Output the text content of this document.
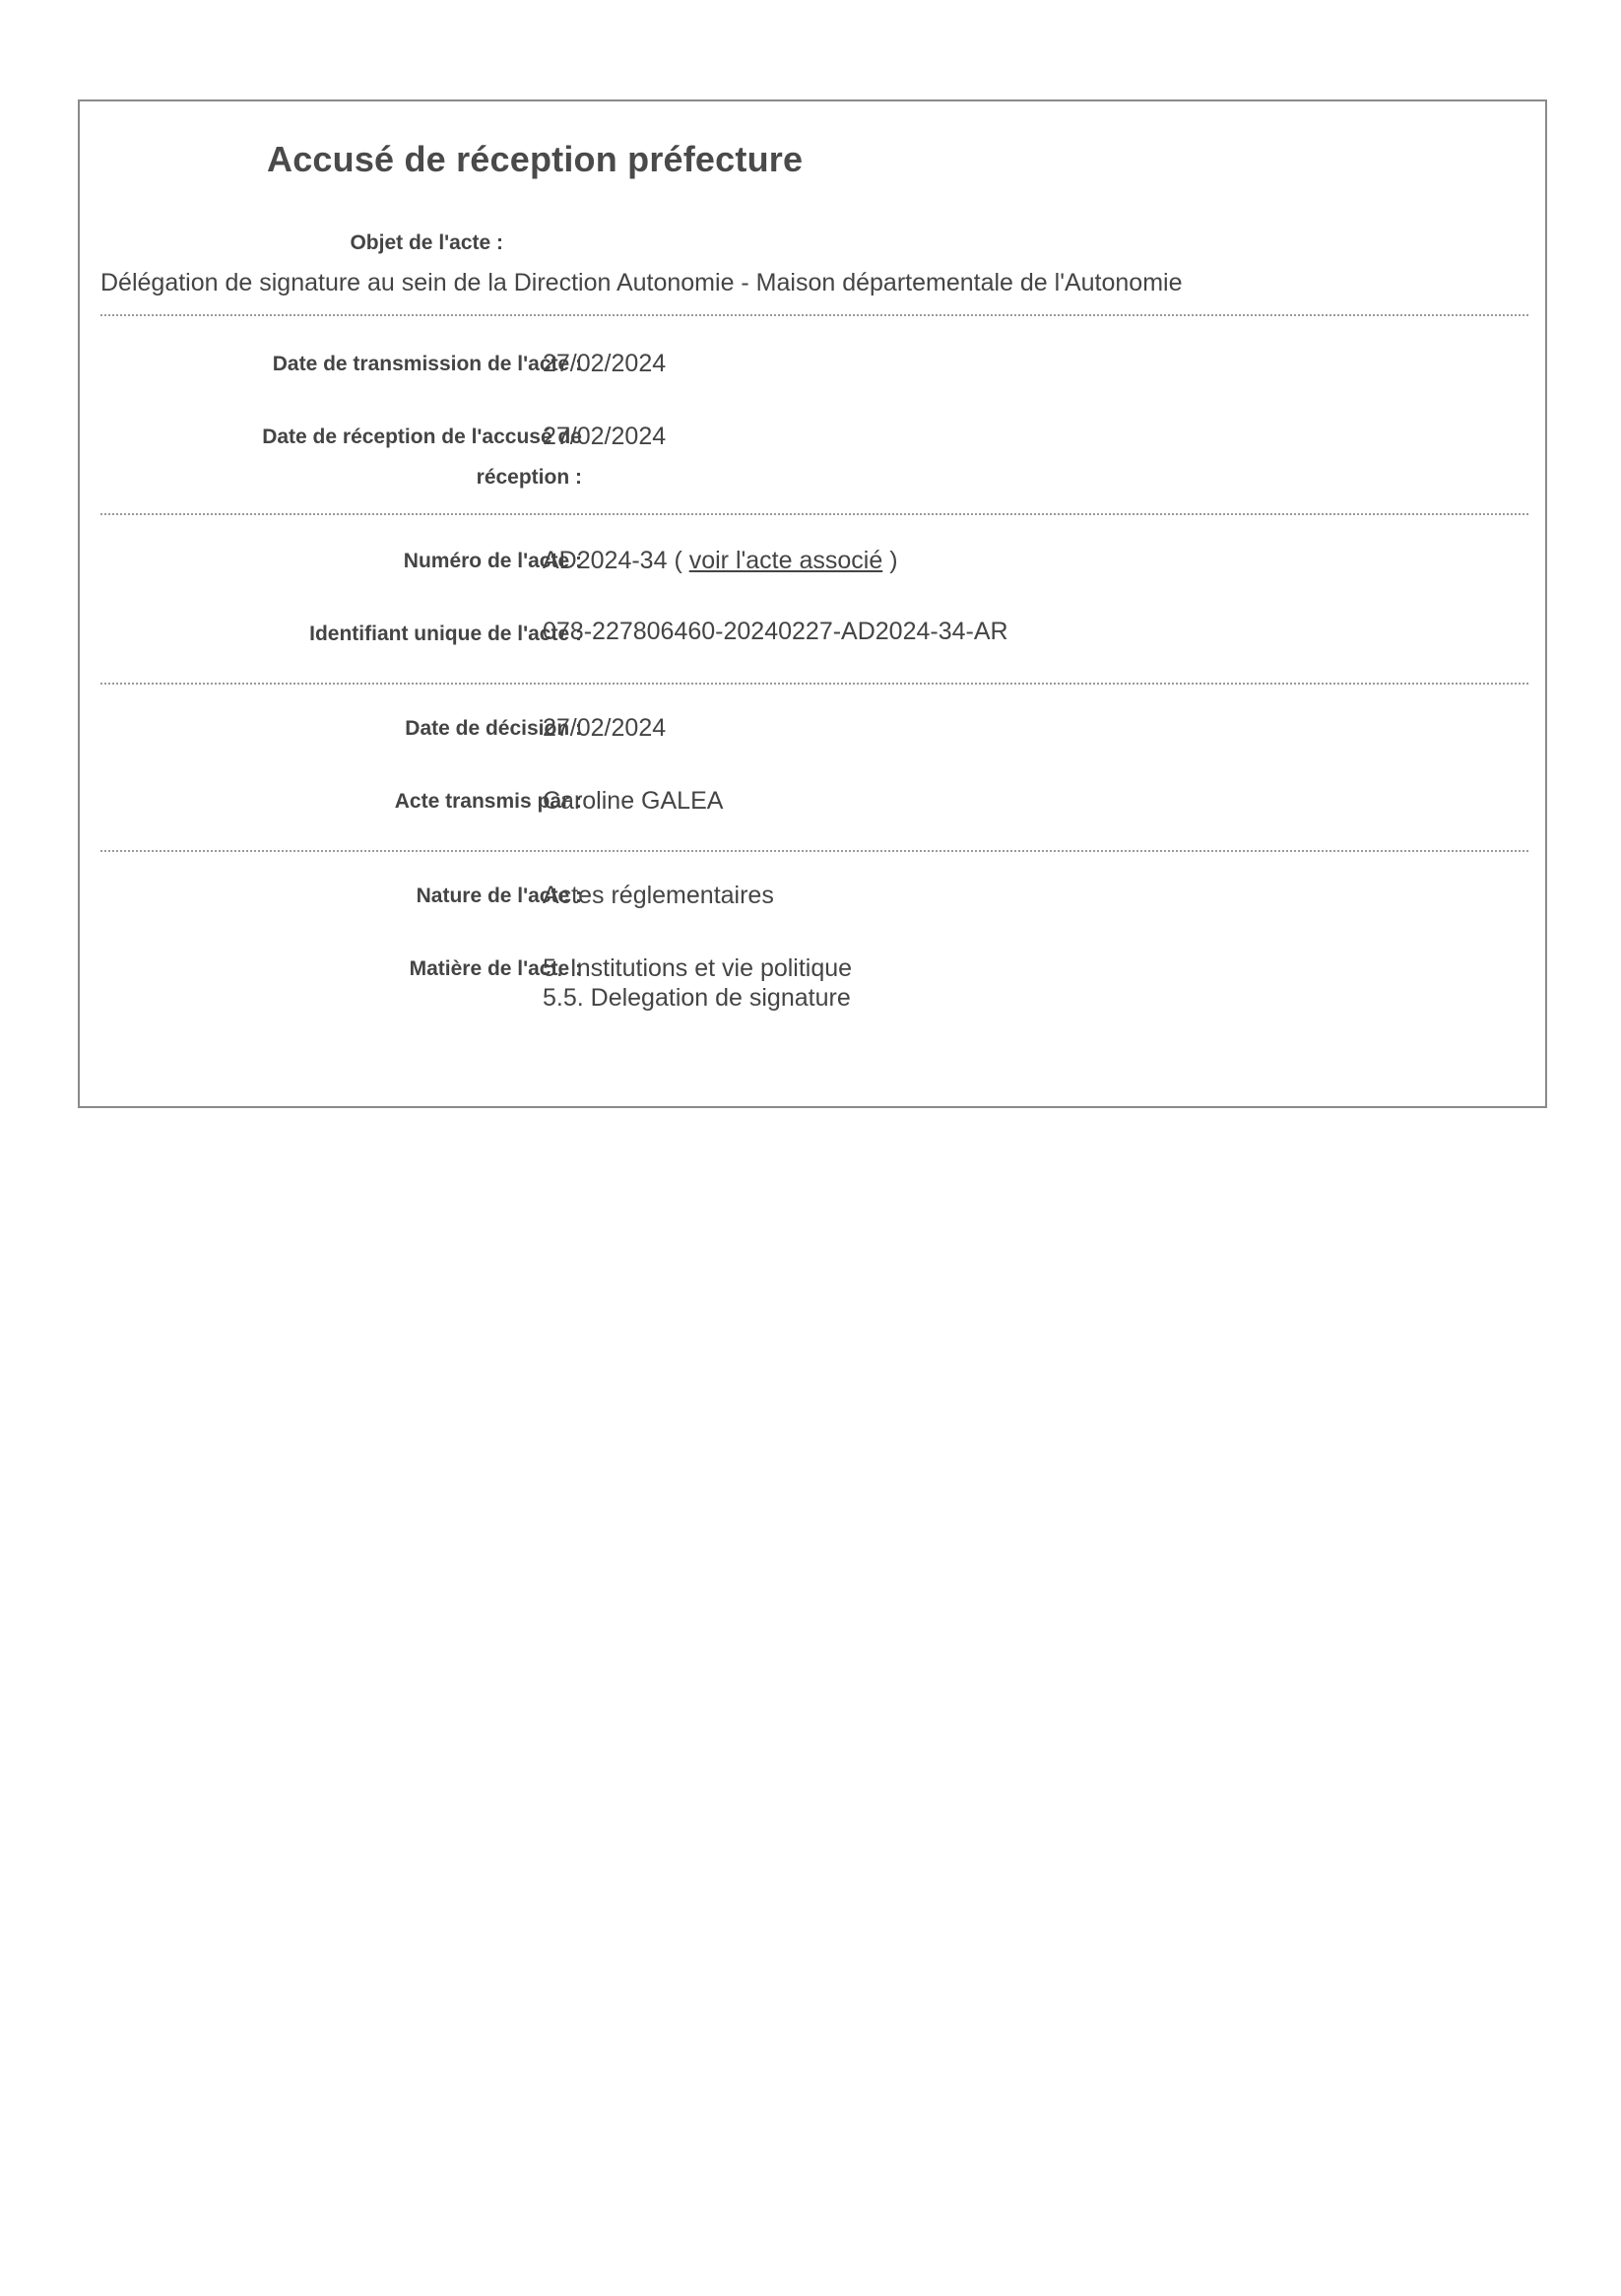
Accusé de réception préfecture
Objet de l'acte :
Délégation de signature au sein de la Direction Autonomie - Maison départementale de l'Autonomie
Date de transmission de l'acte :
27/02/2024
Date de réception de l'accusé de
réception :
27/02/2024
Numéro de l'acte :
AD2024-34 ( voir l'acte associé )
Identifiant unique de l'acte :
078-227806460-20240227-AD2024-34-AR
Date de décision :
27/02/2024
Acte transmis par :
Caroline GALEA
Nature de l'acte :
Actes réglementaires
Matière de l'acte :
5. Institutions et vie politique
5.5. Delegation de signature
